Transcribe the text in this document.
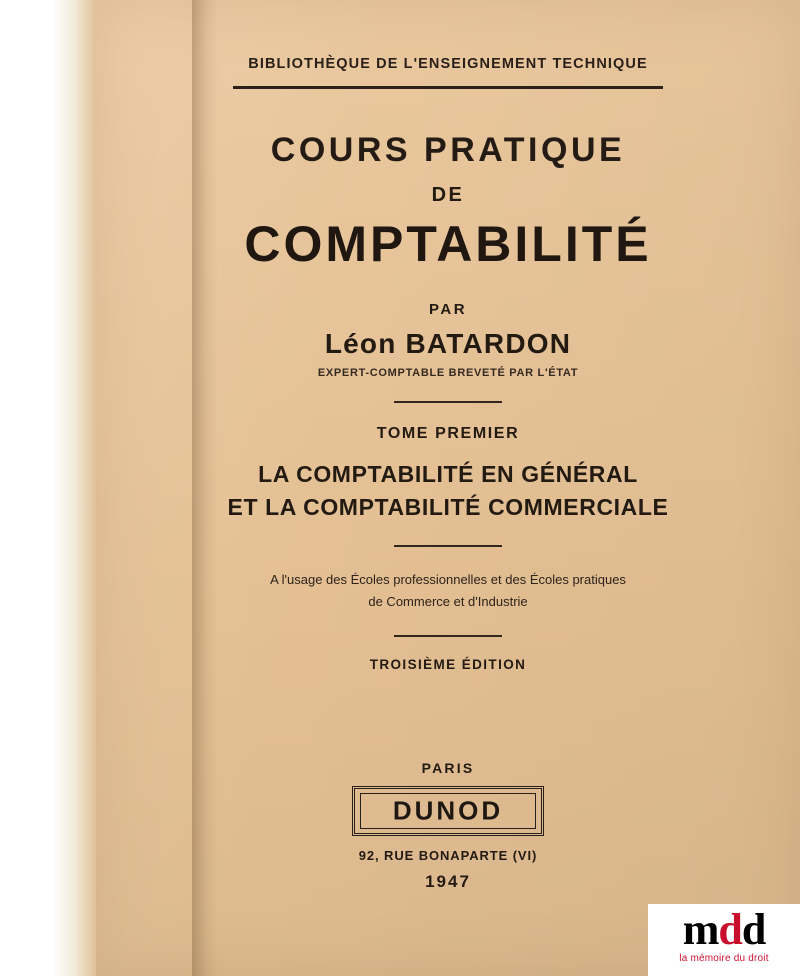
BIBLIOTHÈQUE DE L'ENSEIGNEMENT TECHNIQUE
COURS PRATIQUE
DE
COMPTABILITÉ
PAR
Léon BATARDON
EXPERT-COMPTABLE BREVETÉ PAR L'ÉTAT
TOME PREMIER
LA COMPTABILITÉ EN GÉNÉRAL
ET LA COMPTABILITÉ COMMERCIALE
A l'usage des Écoles professionnelles et des Écoles pratiques
de Commerce et d'Industrie
TROISIÈME ÉDITION
PARIS
DUNOD
92, RUE BONAPARTE (VI)
1947
mdd
la mémoire du droit
